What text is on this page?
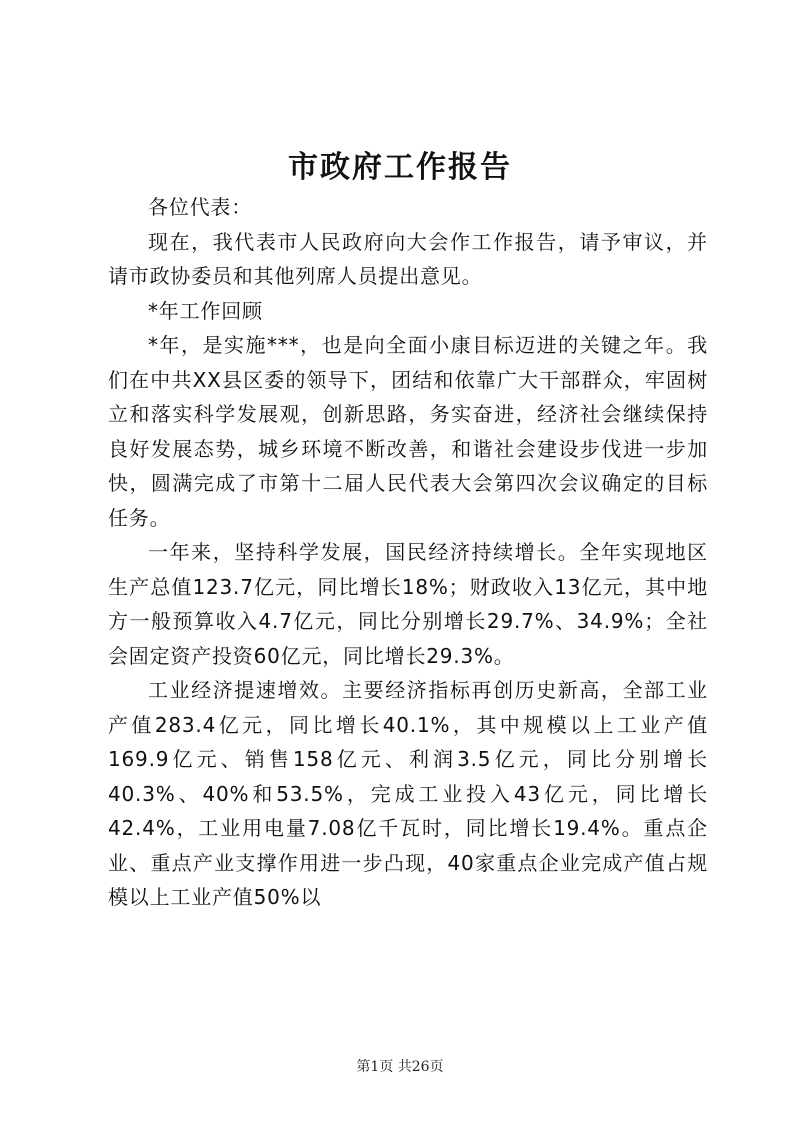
市政府工作报告

各位代表：

现在，我代表市人民政府向大会作工作报告，请予审议，并请市政协委员和其他列席人员提出意见。

*年工作回顾

*年，是实施***，也是向全面小康目标迈进的关键之年。我们在中共XX县区委的领导下，团结和依靠广大干部群众，牢固树立和落实科学发展观，创新思路，务实奋进，经济社会继续保持良好发展态势，城乡环境不断改善，和谐社会建设步伐进一步加快，圆满完成了市第十二届人民代表大会第四次会议确定的目标任务。

一年来，坚持科学发展，国民经济持续增长。全年实现地区生产总值123.7亿元，同比增长18%；财政收入13亿元，其中地方一般预算收入4.7亿元，同比分别增长29.7%、34.9%；全社会固定资产投资60亿元，同比增长29.3%。

工业经济提速增效。主要经济指标再创历史新高，全部工业产值283.4亿元，同比增长40.1%，其中规模以上工业产值169.9亿元、销售158亿元、利润3.5亿元，同比分别增长40.3%、40%和53.5%，完成工业投入43亿元，同比增长42.4%，工业用电量7.08亿千瓦时，同比增长19.4%。重点企业、重点产业支撑作用进一步凸现，40家重点企业完成产值占规模以上工业产值50%以

第1页 共26页
